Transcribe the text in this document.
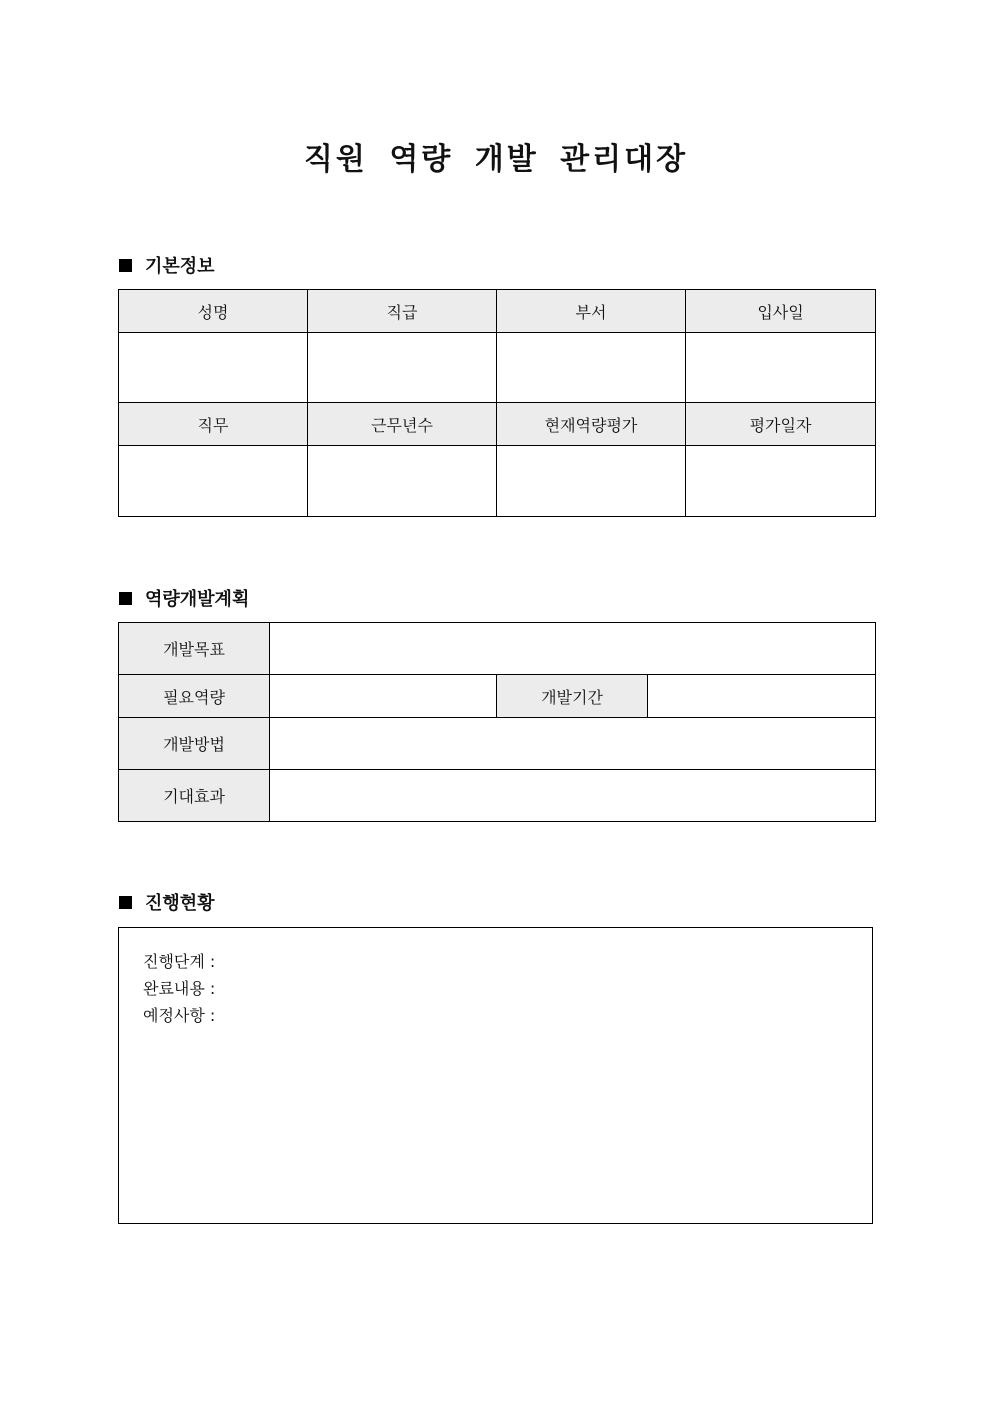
직원 역량 개발 관리대장
기본정보
성명	직급	부서	입사일

직무	근무년수	현재역량평가	평가일자

역량개발계획
개발목표			
필요역량		개발기간	
개발방법			
기대효과			
진행현황
진행단계 :
완료내용 :
예정사항 :
